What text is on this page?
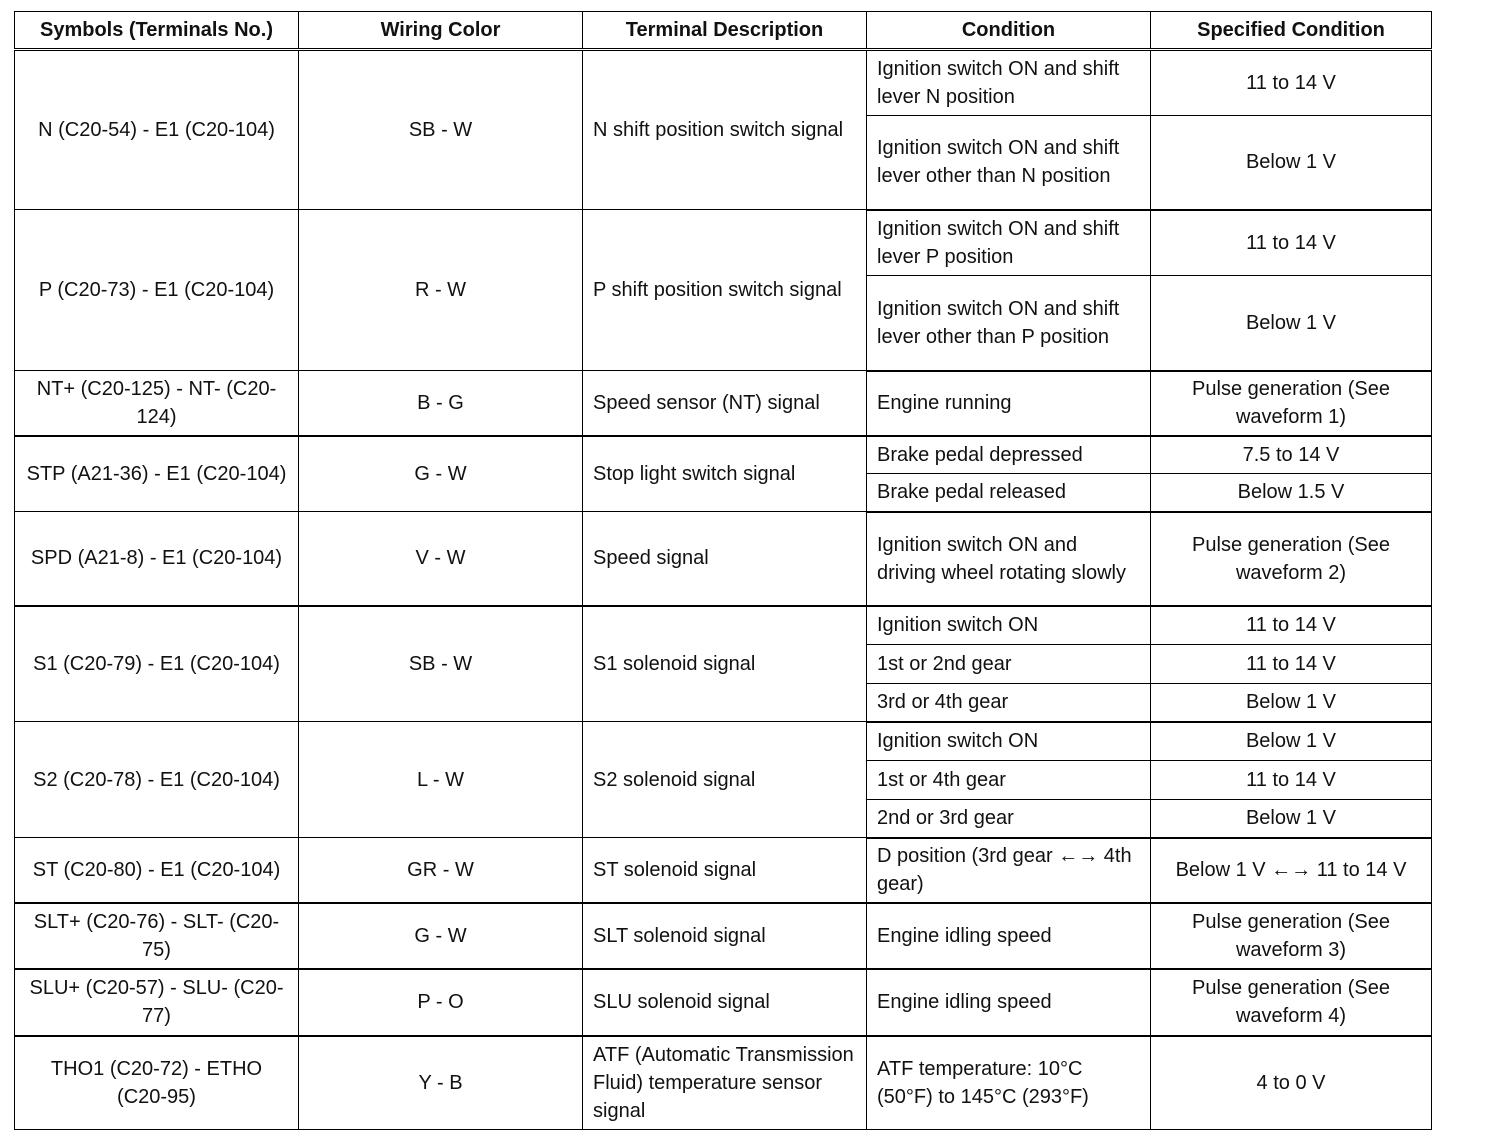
Symbols (Terminals No.)	Wiring Color	Terminal Description	Condition	Specified Condition
N (C20-54) - E1 (C20-104)	SB - W	N shift position switch signal	Ignition switch ON and shift lever N position	11 to 14 V
			Ignition switch ON and shift lever other than N position	Below 1 V
P (C20-73) - E1 (C20-104)	R - W	P shift position switch signal	Ignition switch ON and shift lever P position	11 to 14 V
			Ignition switch ON and shift lever other than P position	Below 1 V
NT+ (C20-125) - NT- (C20-124)	B - G	Speed sensor (NT) signal	Engine running	Pulse generation (See waveform 1)
STP (A21-36) - E1 (C20-104)	G - W	Stop light switch signal	Brake pedal depressed	7.5 to 14 V
			Brake pedal released	Below 1.5 V
SPD (A21-8) - E1 (C20-104)	V - W	Speed signal	Ignition switch ON and driving wheel rotating slowly	Pulse generation (See waveform 2)
S1 (C20-79) - E1 (C20-104)	SB - W	S1 solenoid signal	Ignition switch ON	11 to 14 V
			1st or 2nd gear	11 to 14 V
			3rd or 4th gear	Below 1 V
S2 (C20-78) - E1 (C20-104)	L - W	S2 solenoid signal	Ignition switch ON	Below 1 V
			1st or 4th gear	11 to 14 V
			2nd or 3rd gear	Below 1 V
ST (C20-80) - E1 (C20-104)	GR - W	ST solenoid signal	D position (3rd gear ←→ 4th gear)	Below 1 V ←→ 11 to 14 V
SLT+ (C20-76) - SLT- (C20-75)	G - W	SLT solenoid signal	Engine idling speed	Pulse generation (See waveform 3)
SLU+ (C20-57) - SLU- (C20-77)	P - O	SLU solenoid signal	Engine idling speed	Pulse generation (See waveform 4)
THO1 (C20-72) - ETHO (C20-95)	Y - B	ATF (Automatic Transmission Fluid) temperature sensor signal	ATF temperature: 10°C (50°F) to 145°C (293°F)	4 to 0 V
